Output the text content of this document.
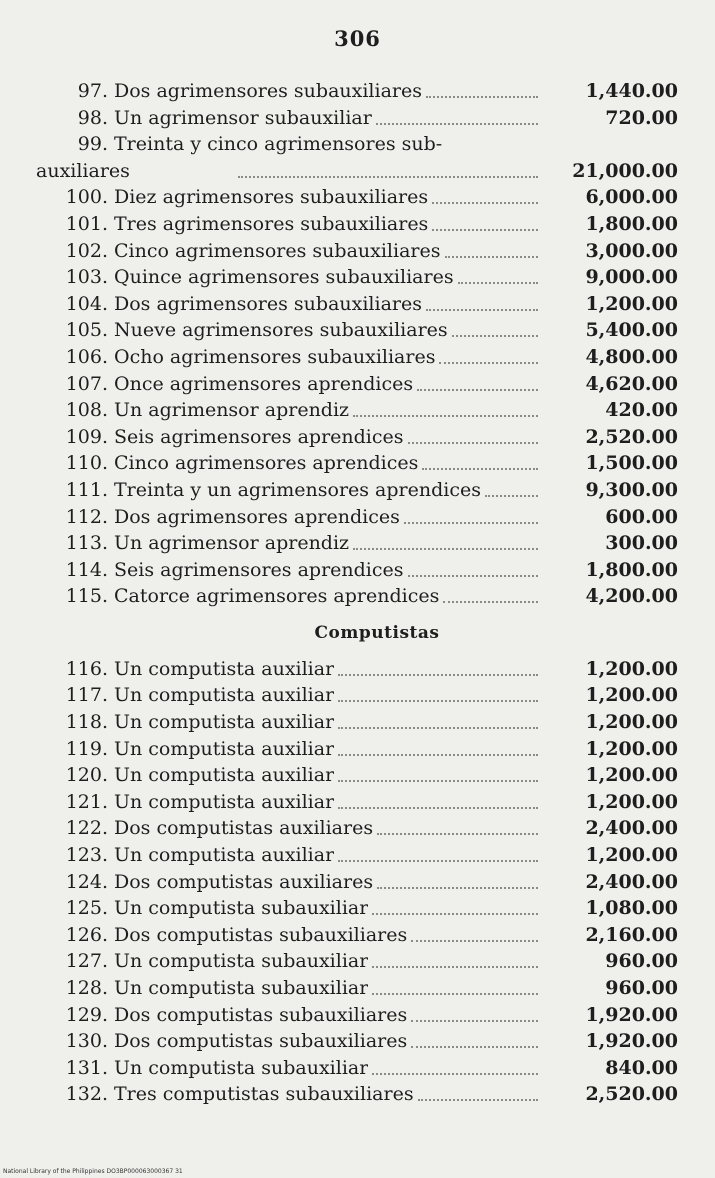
306
97. Dos agrimensores subauxiliares	1,440.00
98. Un agrimensor subauxiliar	720.00
99. Treinta y cinco agrimensores sub-
auxiliares	21,000.00
100. Diez agrimensores subauxiliares	6,000.00
101. Tres agrimensores subauxiliares	1,800.00
102. Cinco agrimensores subauxiliares	3,000.00
103. Quince agrimensores subauxiliares	9,000.00
104. Dos agrimensores subauxiliares	1,200.00
105. Nueve agrimensores subauxiliares	5,400.00
106. Ocho agrimensores subauxiliares	4,800.00
107. Once agrimensores aprendices	4,620.00
108. Un agrimensor aprendiz	420.00
109. Seis agrimensores aprendices	2,520.00
110. Cinco agrimensores aprendices	1,500.00
111. Treinta y un agrimensores aprendices	9,300.00
112. Dos agrimensores aprendices	600.00
113. Un agrimensor aprendiz	300.00
114. Seis agrimensores aprendices	1,800.00
115. Catorce agrimensores aprendices	4,200.00
Computistas
116. Un computista auxiliar	1,200.00
117. Un computista auxiliar	1,200.00
118. Un computista auxiliar	1,200.00
119. Un computista auxiliar	1,200.00
120. Un computista auxiliar	1,200.00
121. Un computista auxiliar	1,200.00
122. Dos computistas auxiliares	2,400.00
123. Un computista auxiliar	1,200.00
124. Dos computistas auxiliares	2,400.00
125. Un computista subauxiliar	1,080.00
126. Dos computistas subauxiliares	2,160.00
127. Un computista subauxiliar	960.00
128. Un computista subauxiliar	960.00
129. Dos computistas subauxiliares	1,920.00
130. Dos computistas subauxiliares	1,920.00
131. Un computista subauxiliar	840.00
132. Tres computistas subauxiliares	2,520.00
National Library of the Philippines DO3BP000063000367 31
